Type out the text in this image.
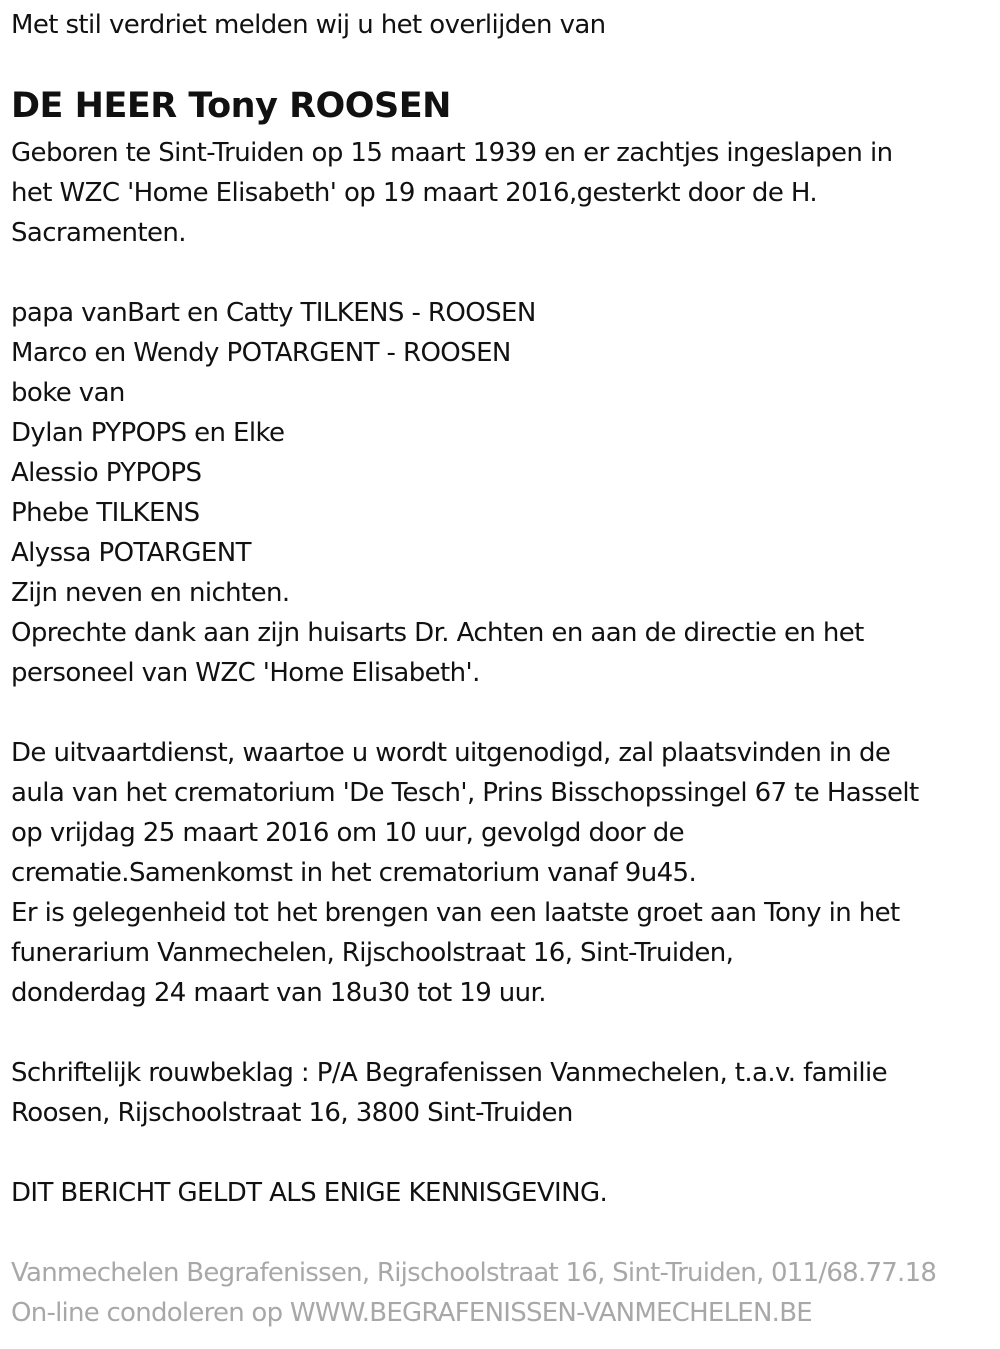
Met stil verdriet melden wij u het overlijden van
DE HEER Tony ROOSEN
Geboren te Sint-Truiden op 15 maart 1939 en er zachtjes ingeslapen in
het WZC 'Home Elisabeth' op 19 maart 2016,gesterkt door de H.
Sacramenten.
papa vanBart en Catty TILKENS - ROOSEN
Marco en Wendy POTARGENT - ROOSEN
boke van
Dylan PYPOPS en Elke
Alessio PYPOPS
Phebe TILKENS
Alyssa POTARGENT
Zijn neven en nichten.
Oprechte dank aan zijn huisarts Dr. Achten en aan de directie en het
personeel van WZC 'Home Elisabeth'.
De uitvaartdienst, waartoe u wordt uitgenodigd, zal plaatsvinden in de
aula van het crematorium 'De Tesch', Prins Bisschopssingel 67 te Hasselt
op vrijdag 25 maart 2016 om 10 uur, gevolgd door de
crematie.Samenkomst in het crematorium vanaf 9u45.
Er is gelegenheid tot het brengen van een laatste groet aan Tony in het
funerarium Vanmechelen, Rijschoolstraat 16, Sint-Truiden,
donderdag 24 maart van 18u30 tot 19 uur.
Schriftelijk rouwbeklag : P/A Begrafenissen Vanmechelen, t.a.v. familie
Roosen, Rijschoolstraat 16, 3800 Sint-Truiden
DIT BERICHT GELDT ALS ENIGE KENNISGEVING.
Vanmechelen Begrafenissen, Rijschoolstraat 16, Sint-Truiden, 011/68.77.18
On-line condoleren op WWW.BEGRAFENISSEN-VANMECHELEN.BE
